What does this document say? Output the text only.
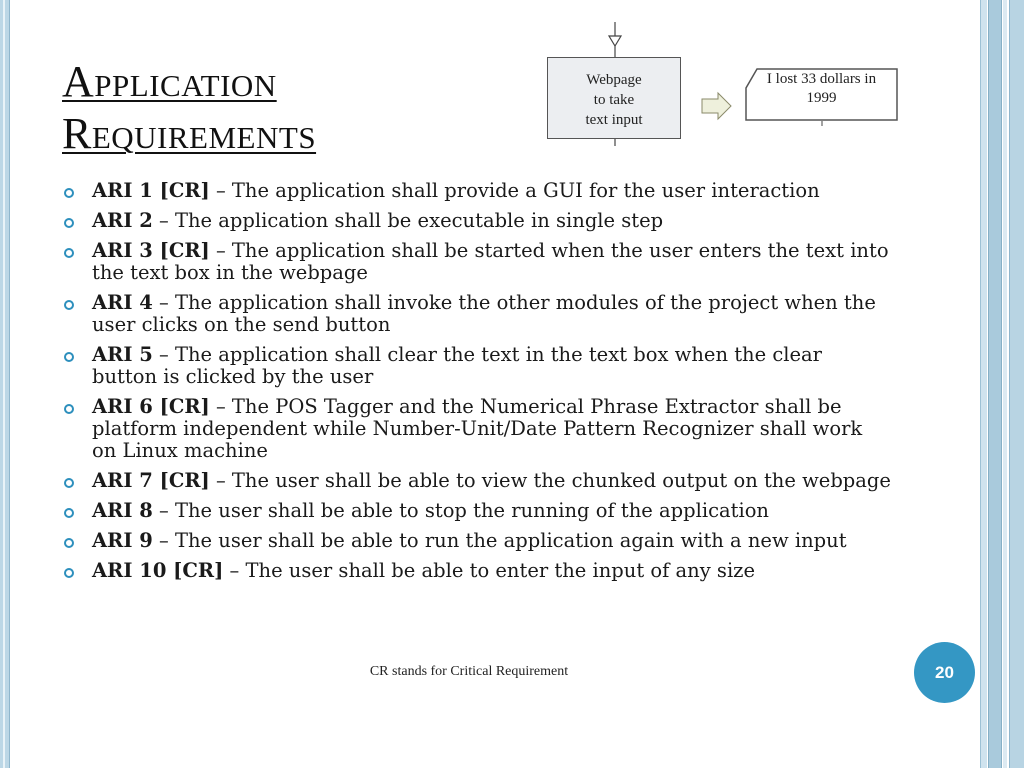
Application
Requirements
Webpage
to take
text input
I lost 33 dollars in
1999
ARI 1 [CR] – The application shall provide a GUI for the user interaction
ARI 2 – The application shall be executable in single step
ARI 3 [CR] – The application shall be started when the user enters the text into the text box in the webpage
ARI 4 – The application shall invoke the other modules of the project when the user clicks on the send button
ARI 5 – The application shall clear the text in the text box when the clear button is clicked by the user
ARI 6 [CR] – The POS Tagger and the Numerical Phrase Extractor shall be platform independent while Number-Unit/Date Pattern Recognizer shall work on Linux machine
ARI 7 [CR] – The user shall be able to view the chunked output on the webpage
ARI 8 – The user shall be able to stop the running of the application
ARI 9 – The user shall be able to run the application again with a new input
ARI 10 [CR] – The user shall be able to enter the input of any size
CR stands for Critical Requirement	20
